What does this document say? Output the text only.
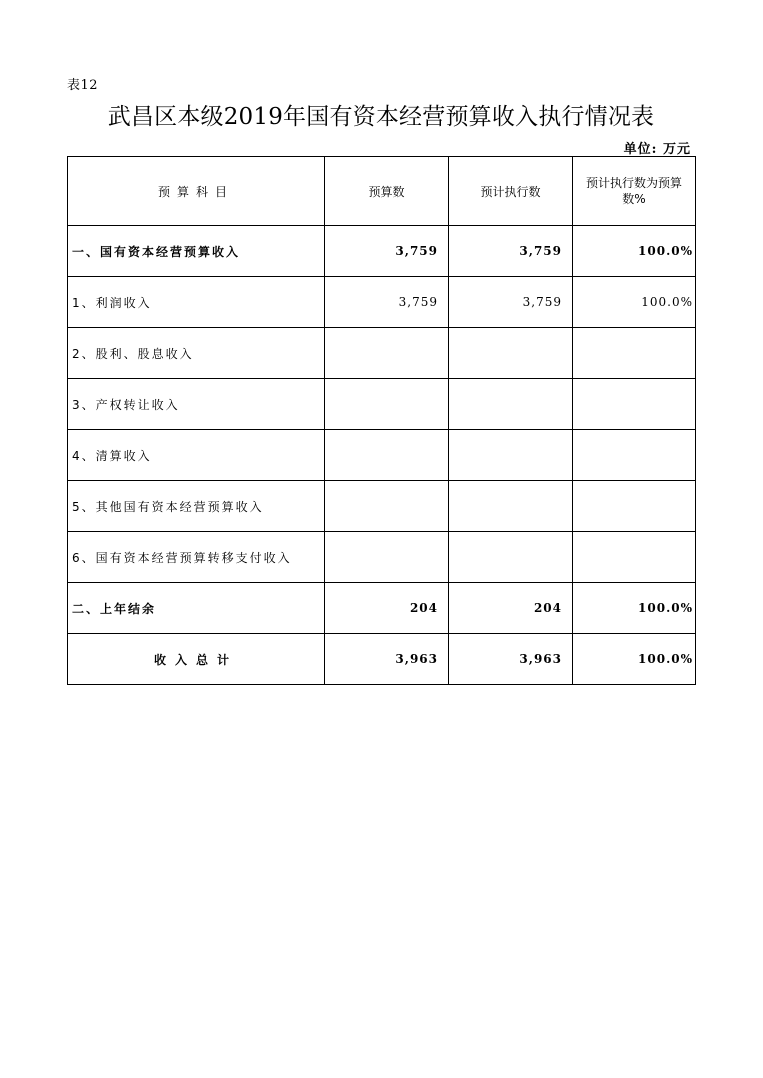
表12
武昌区本级2019年国有资本经营预算收入执行情况表
单位: 万元
预算科目	预算数	预计执行数	预计执行数为预算数%
一、国有资本经营预算收入	3,759	3,759	100.0%
1、利润收入	3,759	3,759	100.0%
2、股利、股息收入			
3、产权转让收入			
4、清算收入			
5、其他国有资本经营预算收入			
6、国有资本经营预算转移支付收入			
二、上年结余	204	204	100.0%
收入总计	3,963	3,963	100.0%
